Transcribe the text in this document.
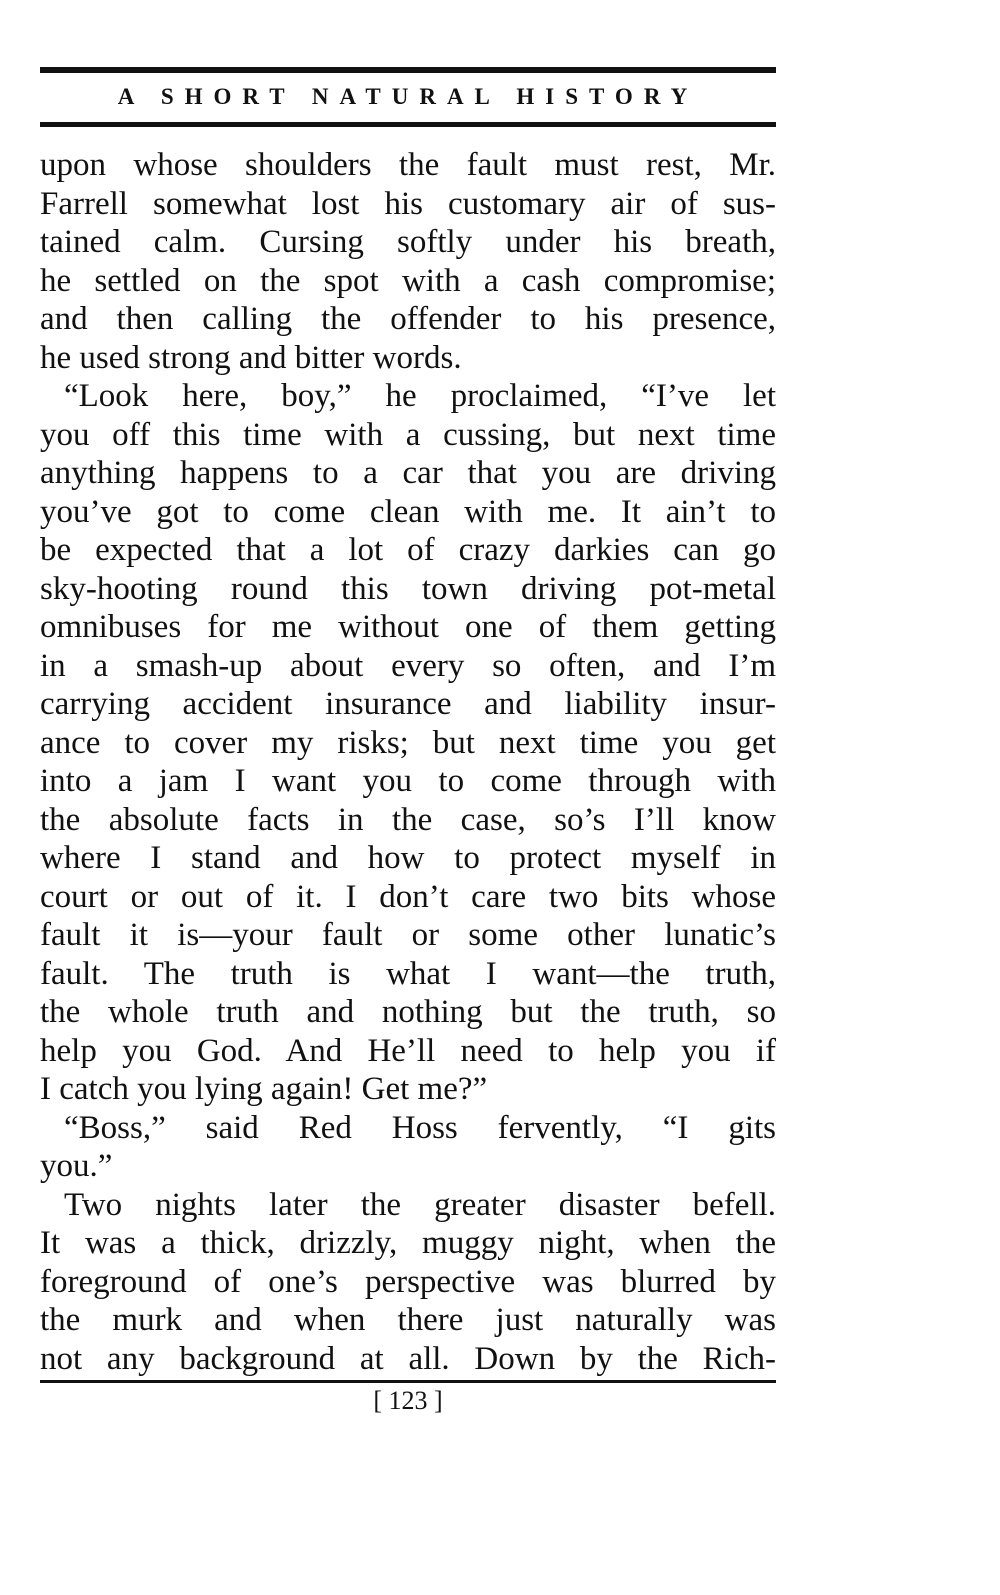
A SHORT NATURAL HISTORY
upon whose shoulders the fault must rest, Mr.
Farrell somewhat lost his customary air of sus-
tained calm. Cursing softly under his breath,
he settled on the spot with a cash compromise;
and then calling the offender to his presence,
he used strong and bitter words.
“Look here, boy,” he proclaimed, “I’ve let
you off this time with a cussing, but next time
anything happens to a car that you are driving
you’ve got to come clean with me. It ain’t to
be expected that a lot of crazy darkies can go
sky-hooting round this town driving pot-metal
omnibuses for me without one of them getting
in a smash-up about every so often, and I’m
carrying accident insurance and liability insur-
ance to cover my risks; but next time you get
into a jam I want you to come through with
the absolute facts in the case, so’s I’ll know
where I stand and how to protect myself in
court or out of it. I don’t care two bits whose
fault it is—your fault or some other lunatic’s
fault. The truth is what I want—the truth,
the whole truth and nothing but the truth, so
help you God. And He’ll need to help you if
I catch you lying again! Get me?”
“Boss,” said Red Hoss fervently, “I gits
you.”
Two nights later the greater disaster befell.
It was a thick, drizzly, muggy night, when the
foreground of one’s perspective was blurred by
the murk and when there just naturally was
not any background at all. Down by the Rich-
[ 123 ]
